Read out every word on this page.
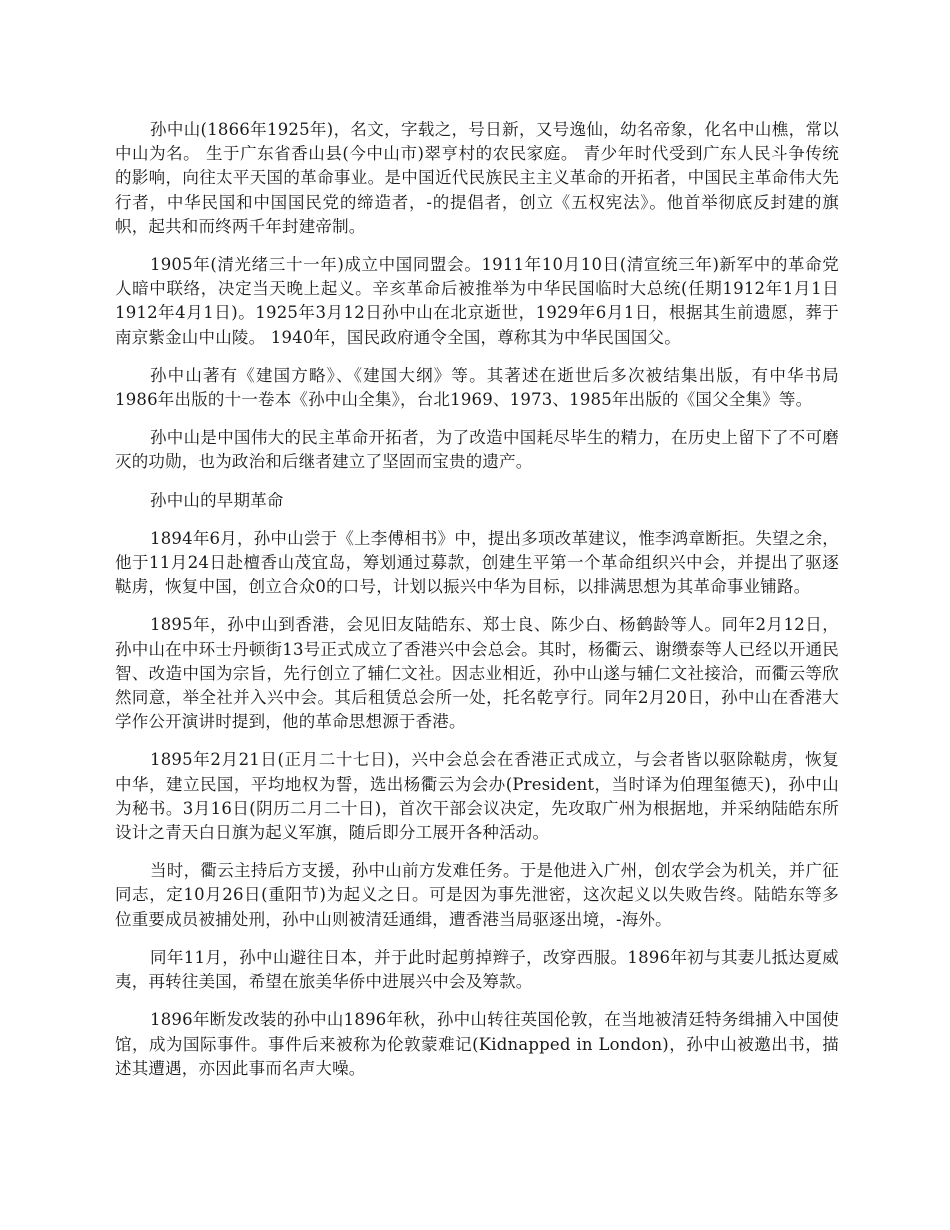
孙中山(1866年1925年)，名文，字载之，号日新，又号逸仙，幼名帝象，化名中山樵，常以中山为名。 生于广东省香山县(今中山市)翠亨村的农民家庭。 青少年时代受到广东人民斗争传统的影响，向往太平天国的革命事业。是中国近代民族民主主义革命的开拓者，中国民主革命伟大先行者，中华民国和中国国民党的缔造者，-的提倡者，创立《五权宪法》。他首举彻底反封建的旗帜，起共和而终两千年封建帝制。

1905年(清光绪三十一年)成立中国同盟会。1911年10月10日(清宣统三年)新军中的革命党人暗中联络，决定当天晚上起义。辛亥革命后被推举为中华民国临时大总统(任期1912年1月1日1912年4月1日)。1925年3月12日孙中山在北京逝世，1929年6月1日，根据其生前遗愿，葬于南京紫金山中山陵。 1940年，国民政府通令全国，尊称其为中华民国国父。

孙中山著有《建国方略》、《建国大纲》等。其著述在逝世后多次被结集出版，有中华书局1986年出版的十一卷本《孙中山全集》，台北1969、1973、1985年出版的《国父全集》等。

孙中山是中国伟大的民主革命开拓者，为了改造中国耗尽毕生的精力，在历史上留下了不可磨灭的功勋，也为政治和后继者建立了坚固而宝贵的遗产。

孙中山的早期革命

1894年6月，孙中山尝于《上李傅相书》中，提出多项改革建议，惟李鸿章断拒。失望之余，他于11月24日赴檀香山茂宜岛，筹划通过募款，创建生平第一个革命组织兴中会，并提出了驱逐鞑虏，恢复中国，创立合众0的口号，计划以振兴中华为目标，以排满思想为其革命事业铺路。

1895年，孙中山到香港，会见旧友陆皓东、郑士良、陈少白、杨鹤龄等人。同年2月12日，孙中山在中环士丹顿街13号正式成立了香港兴中会总会。其时，杨衢云、谢缵泰等人已经以开通民智、改造中国为宗旨，先行创立了辅仁文社。因志业相近，孙中山遂与辅仁文社接洽，而衢云等欣然同意，举全社并入兴中会。其后租赁总会所一处，托名乾亨行。同年2月20日，孙中山在香港大学作公开演讲时提到，他的革命思想源于香港。

1895年2月21日(正月二十七日)，兴中会总会在香港正式成立，与会者皆以驱除鞑虏，恢复中华，建立民国，平均地权为誓，选出杨衢云为会办(President，当时译为伯理玺德天)，孙中山为秘书。3月16日(阴历二月二十日)，首次干部会议决定，先攻取广州为根据地，并采纳陆皓东所设计之青天白日旗为起义军旗，随后即分工展开各种活动。

当时，衢云主持后方支援，孙中山前方发难任务。于是他进入广州，创农学会为机关，并广征同志，定10月26日(重阳节)为起义之日。可是因为事先泄密，这次起义以失败告终。陆皓东等多位重要成员被捕处刑，孙中山则被清廷通缉，遭香港当局驱逐出境，-海外。

同年11月，孙中山避往日本，并于此时起剪掉辫子，改穿西服。1896年初与其妻儿抵达夏威夷，再转往美国，希望在旅美华侨中进展兴中会及筹款。

1896年断发改装的孙中山1896年秋，孙中山转往英国伦敦，在当地被清廷特务缉捕入中国使馆，成为国际事件。事件后来被称为伦敦蒙难记(Kidnapped in London)，孙中山被邀出书，描述其遭遇，亦因此事而名声大噪。
